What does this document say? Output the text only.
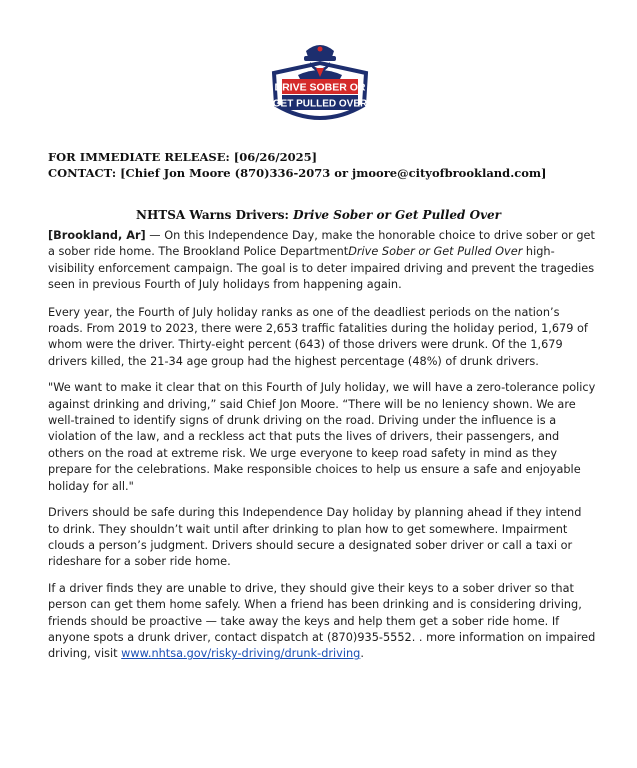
DRIVE SOBER OR
GET PULLED OVER
FOR IMMEDIATE RELEASE: [06/26/2025]
CONTACT: [Chief Jon Moore (870)336-2073 or jmoore@cityofbrookland.com]
NHTSA Warns Drivers: Drive Sober or Get Pulled Over

[Brookland, Ar] — On this Independence Day, make the honorable choice to drive sober or get a sober ride home. The Brookland Police DepartmentDrive Sober or Get Pulled Over high-visibility enforcement campaign. The goal is to deter impaired driving and prevent the tragedies seen in previous Fourth of July holidays from happening again.

Every year, the Fourth of July holiday ranks as one of the deadliest periods on the nation’s roads. From 2019 to 2023, there were 2,653 traffic fatalities during the holiday period, 1,679 of whom were the driver. Thirty-eight percent (643) of those drivers were drunk. Of the 1,679 drivers killed, the 21-34 age group had the highest percentage (48%) of drunk drivers.

"We want to make it clear that on this Fourth of July holiday, we will have a zero-tolerance policy against drinking and driving,” said Chief Jon Moore. “There will be no leniency shown. We are well-trained to identify signs of drunk driving on the road. Driving under the influence is a violation of the law, and a reckless act that puts the lives of drivers, their passengers, and others on the road at extreme risk. We urge everyone to keep road safety in mind as they prepare for the celebrations. Make responsible choices to help us ensure a safe and enjoyable holiday for all."

Drivers should be safe during this Independence Day holiday by planning ahead if they intend to drink. They shouldn’t wait until after drinking to plan how to get somewhere. Impairment clouds a person’s judgment. Drivers should secure a designated sober driver or call a taxi or rideshare for a sober ride home.

If a driver finds they are unable to drive, they should give their keys to a sober driver so that person can get them home safely. When a friend has been drinking and is considering driving, friends should be proactive — take away the keys and help them get a sober ride home. If anyone spots a drunk driver, contact dispatch at (870)935-5552. . more information on impaired driving, visit www.nhtsa.gov/risky-driving/drunk-driving.
